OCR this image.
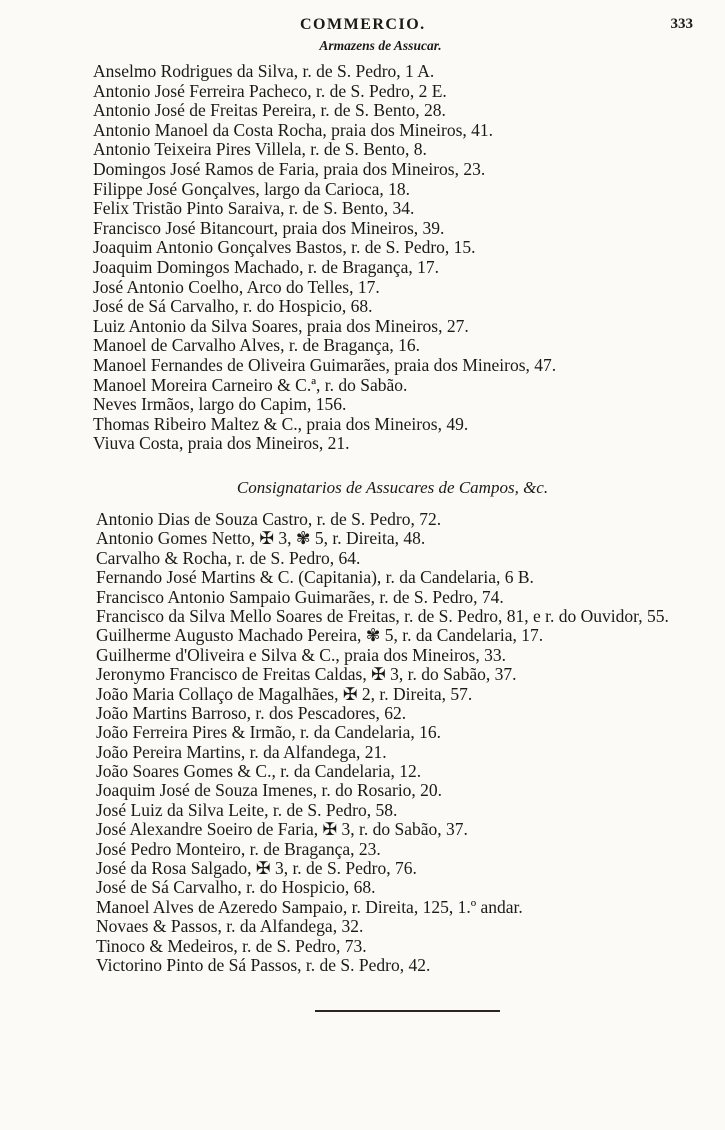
COMMERCIO.	333
Armazens de Assucar.
Anselmo Rodrigues da Silva, r. de S. Pedro, 1 A.
Antonio José Ferreira Pacheco, r. de S. Pedro, 2 E.
Antonio José de Freitas Pereira, r. de S. Bento, 28.
Antonio Manoel da Costa Rocha, praia dos Mineiros, 41.
Antonio Teixeira Pires Villela, r. de S. Bento, 8.
Domingos José Ramos de Faria, praia dos Mineiros, 23.
Filippe José Gonçalves, largo da Carioca, 18.
Felix Tristão Pinto Saraiva, r. de S. Bento, 34.
Francisco José Bitancourt, praia dos Mineiros, 39.
Joaquim Antonio Gonçalves Bastos, r. de S. Pedro, 15.
Joaquim Domingos Machado, r. de Bragança, 17.
José Antonio Coelho, Arco do Telles, 17.
José de Sá Carvalho, r. do Hospicio, 68.
Luiz Antonio da Silva Soares, praia dos Mineiros, 27.
Manoel de Carvalho Alves, r. de Bragança, 16.
Manoel Fernandes de Oliveira Guimarães, praia dos Mineiros, 47.
Manoel Moreira Carneiro & C.ª, r. do Sabão.
Neves Irmãos, largo do Capim, 156.
Thomas Ribeiro Maltez & C., praia dos Mineiros, 49.
Viuva Costa, praia dos Mineiros, 21.
Consignatarios de Assucares de Campos, &c.
Antonio Dias de Souza Castro, r. de S. Pedro, 72.
Antonio Gomes Netto, ✠ 3, ✾ 5, r. Direita, 48.
Carvalho & Rocha, r. de S. Pedro, 64.
Fernando José Martins & C. (Capitania), r. da Candelaria, 6 B.
Francisco Antonio Sampaio Guimarães, r. de S. Pedro, 74.
Francisco da Silva Mello Soares de Freitas, r. de S. Pedro, 81, e r. do Ouvidor, 55.
Guilherme Augusto Machado Pereira, ✾ 5, r. da Candelaria, 17.
Guilherme d'Oliveira e Silva & C., praia dos Mineiros, 33.
Jeronymo Francisco de Freitas Caldas, ✠ 3, r. do Sabão, 37.
João Maria Collaço de Magalhães, ✠ 2, r. Direita, 57.
João Martins Barroso, r. dos Pescadores, 62.
João Ferreira Pires & Irmão, r. da Candelaria, 16.
João Pereira Martins, r. da Alfandega, 21.
João Soares Gomes & C., r. da Candelaria, 12.
Joaquim José de Souza Imenes, r. do Rosario, 20.
José Luiz da Silva Leite, r. de S. Pedro, 58.
José Alexandre Soeiro de Faria, ✠ 3, r. do Sabão, 37.
José Pedro Monteiro, r. de Bragança, 23.
José da Rosa Salgado, ✠ 3, r. de S. Pedro, 76.
José de Sá Carvalho, r. do Hospicio, 68.
Manoel Alves de Azeredo Sampaio, r. Direita, 125, 1.º andar.
Novaes & Passos, r. da Alfandega, 32.
Tinoco & Medeiros, r. de S. Pedro, 73.
Victorino Pinto de Sá Passos, r. de S. Pedro, 42.
